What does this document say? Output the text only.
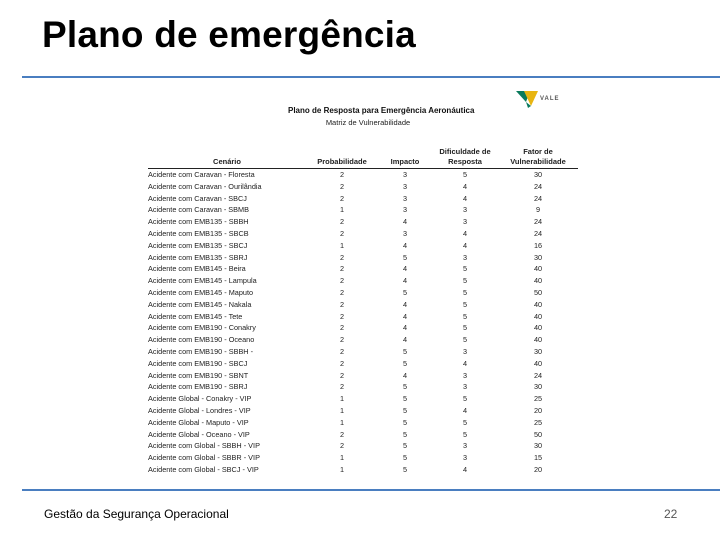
Plano de emergência
VALE
Plano de Resposta para Emergência Aeronáutica
Matriz de Vulnerabilidade
Cenário	Probabilidade	Impacto	Dificuldade de Resposta	Fator de Vulnerabilidade
Acidente com Caravan - Floresta	2	3	5	30
Acidente com Caravan - Ourilândia	2	3	4	24
Acidente com Caravan - SBCJ	2	3	4	24
Acidente com Caravan - SBMB	1	3	3	9
Acidente com EMB135 - SBBH	2	4	3	24
Acidente com EMB135 - SBCB	2	3	4	24
Acidente com EMB135 - SBCJ	1	4	4	16
Acidente com EMB135 - SBRJ	2	5	3	30
Acidente com EMB145 - Beira	2	4	5	40
Acidente com EMB145 - Lampula	2	4	5	40
Acidente com EMB145 - Maputo	2	5	5	50
Acidente com EMB145 - Nakala	2	4	5	40
Acidente com EMB145 - Tete	2	4	5	40
Acidente com EMB190 - Conakry	2	4	5	40
Acidente com EMB190 - Oceano	2	4	5	40
Acidente com EMB190 - SBBH -	2	5	3	30
Acidente com EMB190 - SBCJ	2	5	4	40
Acidente com EMB190 - SBNT	2	4	3	24
Acidente com EMB190 - SBRJ	2	5	3	30
Acidente Global - Conakry - VIP	1	5	5	25
Acidente Global - Londres - VIP	1	5	4	20
Acidente Global - Maputo - VIP	1	5	5	25
Acidente Global - Oceano - VIP	2	5	5	50
Acidente com Global - SBBH - VIP	2	5	3	30
Acidente com Global - SBBR - VIP	1	5	3	15
Acidente com Global - SBCJ - VIP	1	5	4	20
Gestão da Segurança Operacional	22
